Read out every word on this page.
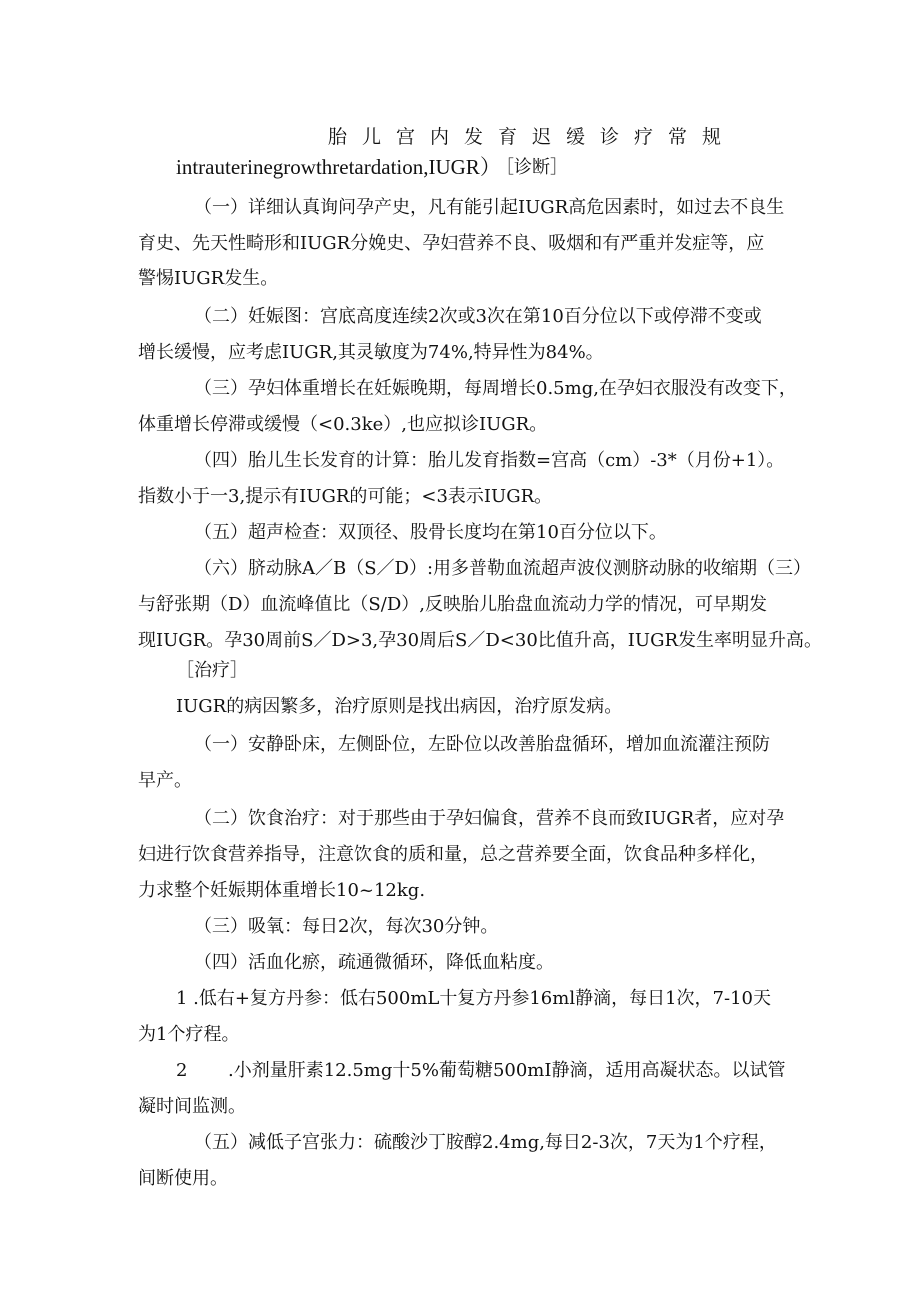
胎儿宫内发育迟缓诊疗常规
intrauterinegrowthretardation,IUGR）
［诊断］
（一）详细认真询问孕产史，凡有能引起IUGR高危因素时，如过去不良生
育史、先天性畸形和IUGR分娩史、孕妇营养不良、吸烟和有严重并发症等，应
警惕IUGR发生。
（二）妊娠图：宫底高度连续2次或3次在第10百分位以下或停滞不变或
增长缓慢，应考虑IUGR,其灵敏度为74%,特异性为84%。
（三）孕妇体重增长在妊娠晚期，每周增长0.5mg,在孕妇衣服没有改变下，
体重增长停滞或缓慢（<0.3ke）,也应拟诊IUGR。
（四）胎儿生长发育的计算：胎儿发育指数=宫高（cm）-3*（月份+1）。
指数小于一3,提示有IUGR的可能；<3表示IUGR。
（五）超声检查：双顶径、股骨长度均在第10百分位以下。
（六）脐动脉A／B（S／D）:用多普勒血流超声波仪测脐动脉的收缩期（三）
与舒张期（D）血流峰值比（S/D）,反映胎儿胎盘血流动力学的情况，可早期发
现IUGR。孕30周前S／D>3,孕30周后S／D<30比值升高，IUGR发生率明显升高。
［治疗］
IUGR的病因繁多，治疗原则是找出病因，治疗原发病。
（一）安静卧床，左侧卧位，左卧位以改善胎盘循环，增加血流灌注预防
早产。
（二）饮食治疗：对于那些由于孕妇偏食，营养不良而致IUGR者，应对孕
妇进行饮食营养指导，注意饮食的质和量，总之营养要全面，饮食品种多样化，
力求整个妊娠期体重增长10~12kg.
（三）吸氧：每日2次，每次30分钟。
（四）活血化瘀，疏通微循环，降低血粘度。
1 .低右+复方丹参：低右500mL十复方丹参16ml静滴，每日1次，7-10天
为1个疗程。
2 .小剂量肝素12.5mg十5%葡萄糖500mI静滴，适用高凝状态。以试管
凝时间监测。
（五）减低子宫张力：硫酸沙丁胺醇2.4mg,每日2-3次，7天为1个疗程，
间断使用。
